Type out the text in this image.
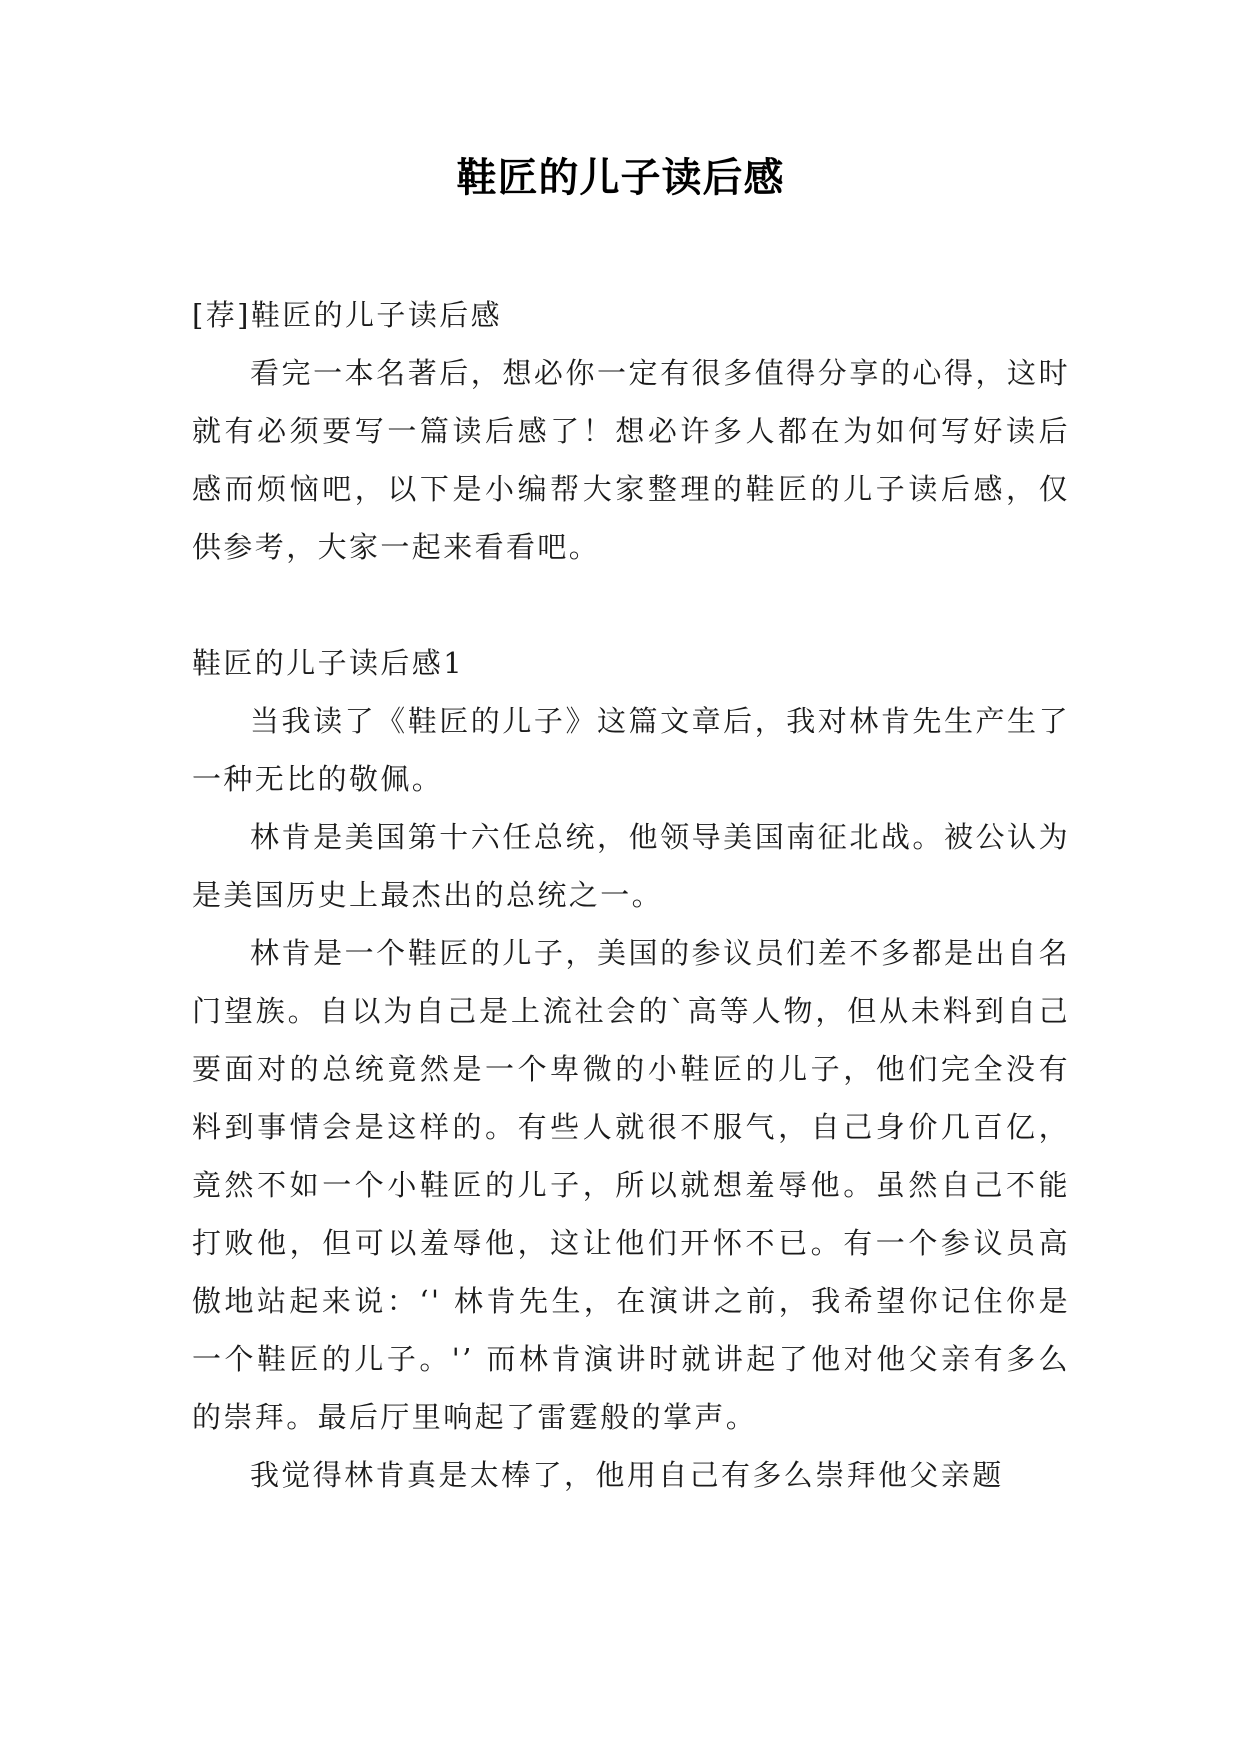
鞋匠的儿子读后感

[荐]鞋匠的儿子读后感

看完一本名著后，想必你一定有很多值得分享的心得，这时就有必须要写一篇读后感了！想必许多人都在为如何写好读后感而烦恼吧，以下是小编帮大家整理的鞋匠的儿子读后感，仅供参考，大家一起来看看吧。

鞋匠的儿子读后感1

当我读了《鞋匠的儿子》这篇文章后，我对林肯先生产生了一种无比的敬佩。

林肯是美国第十六任总统，他领导美国南征北战。被公认为是美国历史上最杰出的总统之一。

林肯是一个鞋匠的儿子，美国的参议员们差不多都是出自名门望族。自以为自己是上流社会的`高等人物，但从未料到自己要面对的总统竟然是一个卑微的小鞋匠的儿子，他们完全没有料到事情会是这样的。有些人就很不服气，自己身价几百亿，竟然不如一个小鞋匠的儿子，所以就想羞辱他。虽然自己不能打败他，但可以羞辱他，这让他们开怀不已。有一个参议员高傲地站起来说：‘' 林肯先生，在演讲之前，我希望你记住你是一个鞋匠的儿子。'’ 而林肯演讲时就讲起了他对他父亲有多么的崇拜。最后厅里响起了雷霆般的掌声。

我觉得林肯真是太棒了，他用自己有多么崇拜他父亲题
